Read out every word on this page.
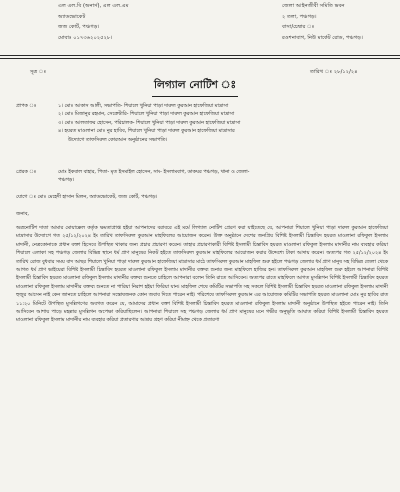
এল এল.বি (অনার্স), এল এল.এম
অ্যাডভোকেট
জজ কোর্ট, পঞ্চগড়।
মোবাঃ ০১৭৩৬২০২৫২৮।
জেলা আইনজীবী সমিতি ভবন
২ তলা, পঞ্চগড়।
বাসা/চেম্বার ঃ
রওশনাবাগ, নিউ মার্কেট রোড, পঞ্চগড়।
সূত্র ঃ	তারিখ ঃ ২৮/১২/২৪
লিগ্যাল নোটিশ ঃ
প্রাপক ঃ	১। মোঃ আকাস আলী, সভাপতি- শিয়ালে খুনিয়া পাড়া দারুল কুরআন হাফেজিয়া মাদ্রাসা
২। মোঃ মিজানুর রহমান, সেক্রেটারি- শিয়ালে খুনিয়া পাড়া দারুল কুরআন হাফেজিয়া মাদ্রাসা
৩। মোঃ আলতাফর হোসেন, পরিচালক- শিয়ালে খুনিয়া পাড়া দারুল কুরআন হাফেজিয়া মাদ্রাসা
৪। হযরত মাওলানা মোঃ নুর হাবিব, শিয়ালে খুনিয়া পাড়া দারুল কুরআন হাফেজিয়া মাদ্রাসার
উদ্যোগে তাফসিরুল কোরআন অনুষ্ঠানের সভাপতি।
প্রেরক ঃ	মোঃ ইকবাল বাহার, পিতা- মৃত ইসমাইল হোসেন, সাং- ইসলামবাগ, ডাকঘর পঞ্চগড়, থানা ও জেলা-
পঞ্চগড়।
যোগে ঃ মোঃ মেহেদী হাসান মিলন, অ্যাডভোকেট, জজ কোর্ট, পঞ্চগড়।
জনাব,

অত্রনোটিশ দাতা আমার মোয়াক্কেল কর্তৃক ক্ষমতাপ্রাপ্ত হইয়া আপনাদের বরাবরে এই মর্মে লিগ্যাল নোটিশ প্রেরণ করা যাইতেছে যে, আপনারা শিয়ালে খুনিয়া পাড়া দারুল কুরআন হাফেজিয়া মাদ্রাসার উদ্যোগে গত ২৫/১২/২০২৪ ইং তারিখ তাফসিরুল কুরআন মাহফিলের আয়োজন করেন। উক্ত অনুষ্ঠানে দেশের জনপ্রিয় বিশিষ্ট ইসলামী চিন্তাবিদ হযরত মাওলানা রফিকুল ইসলাম মাদানী, নেত্রকোনাকে প্রধান বক্তা হিসেবে উপস্থিত থাকার জন্য প্রচার প্রচারণা করেন। তাহার প্রচারণাকারী বিশিষ্ট ইসলামী চিন্তাবিদ হযরত মাওলানা রফিকুল ইসলাম মাদানীর নাম ব্যবহার করিয়া শিয়ালে এলাকা সহ পঞ্চগড় জেলার বিভিন্ন স্থানে ধর্ম প্রাণ মানুষের নিকট হইতে তাফসিরুল কুরআন মাহফিলের আয়োজন করার উদ্দেশ্যে টাকা আদায় করেন। অত্যপর গত ২৫/১২/২০২৪ ইং তারিখ রোজ বুধবার সময় বাদ আছর শিয়ালে খুনিয়া পাড়া দারুল কুরআন হাফেজিয়া মাদ্রাসার মাঠে তাফসিরুল কুরআন মাহফিল শুরু হইলে পঞ্চগড় জেলার ধর্ম প্রাণ মানুষ সহ বিভিন্ন জেলা থেকে আগত ধর্ম প্রাণ ভাইয়েরা বিশিষ্ট ইসলামী চিন্তাবিদ হযরত মাওলানা রফিকুল ইসলাম মাদানীর বক্তব্য শুনার জন্য মাহফিলে হাজির হন। তাফসিরুল কুরআন মাহফিল শুরু হইলে আপনারা বিশিষ্ট ইসলামী চিন্তাবিদ হযরত মাওলানা রফিকুল ইসলাম মাদানীর বক্তব্য শুনতে চাহিলে আপনারা বলেন তিনি রাতে আসিবেন। অত্যপর রাতে মাহফিলে আগত মুসল্লিগন বিশিষ্ট ইসলামী চিন্তাবিদ হযরত মাওলানা রফিকুল ইসলাম মাদানীর বক্তব্য শুনতে না পারিয়া নিরাশ হইয়া ফিরিয়া যান। মাহফিল শেষে কমিটির সভাপতি সহ সকলে বিশিষ্ট ইসলামী চিন্তাবিদ হযরত মাওলানা রফিকুল ইসলাম মাদানী হুজুর আসেন নাই কেন জানতে চাহিলে আপনারা সন্তোষজনক কোন জবাব দিতে পারেন নাই। পরিশেষে তাফসিরুল কুরআন এর আয়োজক কমিটির সভাপতি হযরত মাওলানা মোঃ নুর হাবিব রাত ১১:২০ মিনিটে উপস্থিত মুসল্লিগণের অবগত করেন যে, আমাদের প্রধান বক্তা বিশিষ্ট ইসলামী চিন্তাবিদ হযরত মাওলানা রফিকুল ইসলাম মাদানী অনুষ্ঠানে উপস্থিত হইতে পারেন নাই। তিনি আসিবেন আশায় পাড়ে মহল্লার মুসল্লিগন অপেক্ষা করিয়াছিলেন। আপনারা শিয়ালে সহ পঞ্চগড় জেলার ধর্ম প্রাণ মানুষের মনে গভীর অনুভূতি আঘাত করিয়া বিশিষ্ট ইসলামী চিন্তাবিদ হযরত মাওলানা রফিকুল ইসলাম মাদানীর নাম ব্যবহার করিয়া প্রতারণার আশ্রয় গ্রহণ করিয়া নীমাহ্ন থেকে প্রতারণা
